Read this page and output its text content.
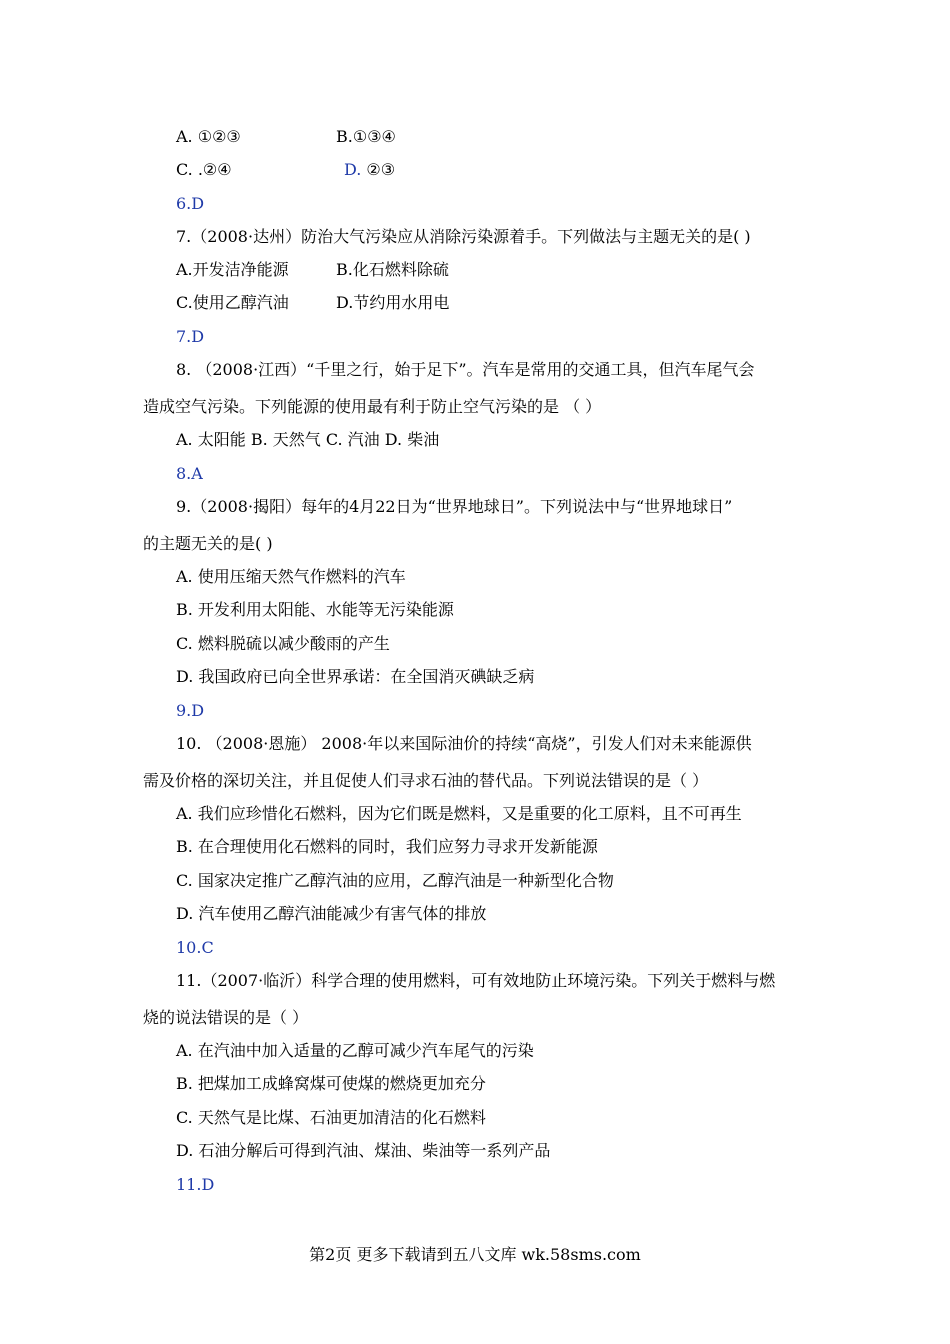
A. ①②③	B.①③④
C. .②④	D. ②③
6.D
7.（2008·达州）防治大气污染应从消除污染源着手。下列做法与主题无关的是( )
A.开发洁净能源	B.化石燃料除硫
C.使用乙醇汽油	D.节约用水用电
7.D
8. （2008·江西）“千里之行，始于足下”。汽车是常用的交通工具，但汽车尾气会
造成空气污染。下列能源的使用最有利于防止空气污染的是 （ ）
A. 太阳能 B. 天然气 C. 汽油 D. 柴油
8.A
9.（2008·揭阳）每年的4月22日为“世界地球日”。下列说法中与“世界地球日”
的主题无关的是( )
A. 使用压缩天然气作燃料的汽车
B. 开发利用太阳能、水能等无污染能源
C. 燃料脱硫以减少酸雨的产生
D. 我国政府已向全世界承诺：在全国消灭碘缺乏病
9.D
10. （2008·恩施） 2008·年以来国际油价的持续“高烧”，引发人们对未来能源供
需及价格的深切关注，并且促使人们寻求石油的替代品。下列说法错误的是（ ）
A. 我们应珍惜化石燃料，因为它们既是燃料，又是重要的化工原料，且不可再生
B. 在合理使用化石燃料的同时，我们应努力寻求开发新能源
C. 国家决定推广乙醇汽油的应用，乙醇汽油是一种新型化合物
D. 汽车使用乙醇汽油能减少有害气体的排放
10.C
11.（2007·临沂）科学合理的使用燃料，可有效地防止环境污染。下列关于燃料与燃
烧的说法错误的是（ ）
A. 在汽油中加入适量的乙醇可减少汽车尾气的污染
B. 把煤加工成蜂窝煤可使煤的燃烧更加充分
C. 天然气是比煤、石油更加清洁的化石燃料
D. 石油分解后可得到汽油、煤油、柴油等一系列产品
11.D
第2页 更多下载请到五八文库 wk.58sms.com
